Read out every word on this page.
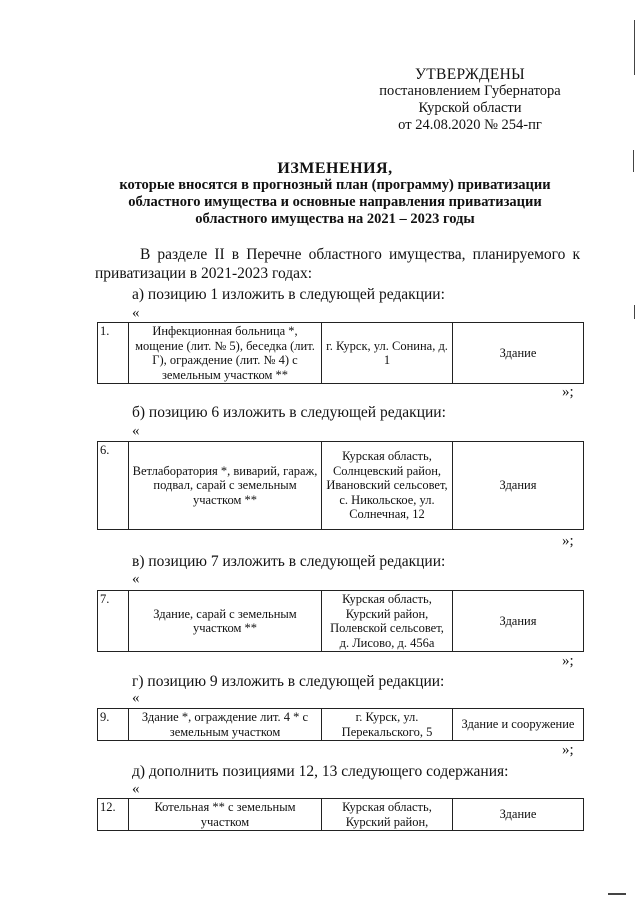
УТВЕРЖДЕНЫ
постановлением Губернатора
Курской области
от 24.08.2020 № 254-пг
ИЗМЕНЕНИЯ,
которые вносятся в прогнозный план (программу) приватизации
областного имущества и основные направления приватизации
областного имущества на 2021 – 2023 годы
В разделе II в Перечне областного имущества, планируемого к приватизации в 2021-2023 годах:
а) позицию 1 изложить в следующей редакции:
«
1.	Инфекционная больница *, мощение (лит. № 5), беседка (лит. Г), ограждение (лит. № 4) с земельным участком **	г. Курск, ул. Сонина, д. 1	Здание
»;
б) позицию 6 изложить в следующей редакции:
«
6.	Ветлаборатория *, виварий, гараж, подвал, сарай с земельным участком **	Курская область, Солнцевский район, Ивановский сельсовет, с. Никольское, ул. Солнечная, 12	Здания
»;
в) позицию 7 изложить в следующей редакции:
«
7.	Здание, сарай с земельным участком **	Курская область, Курский район, Полевской сельсовет, д. Лисово, д. 456а	Здания
»;
г) позицию 9 изложить в следующей редакции:
«
9.	Здание *, ограждение лит. 4 * с земельным участком	г. Курск, ул. Перекальского, 5	Здание и сооружение
»;
д) дополнить позициями 12, 13 следующего содержания:
«
12.	Котельная ** с земельным участком	Курская область, Курский район,	Здание
